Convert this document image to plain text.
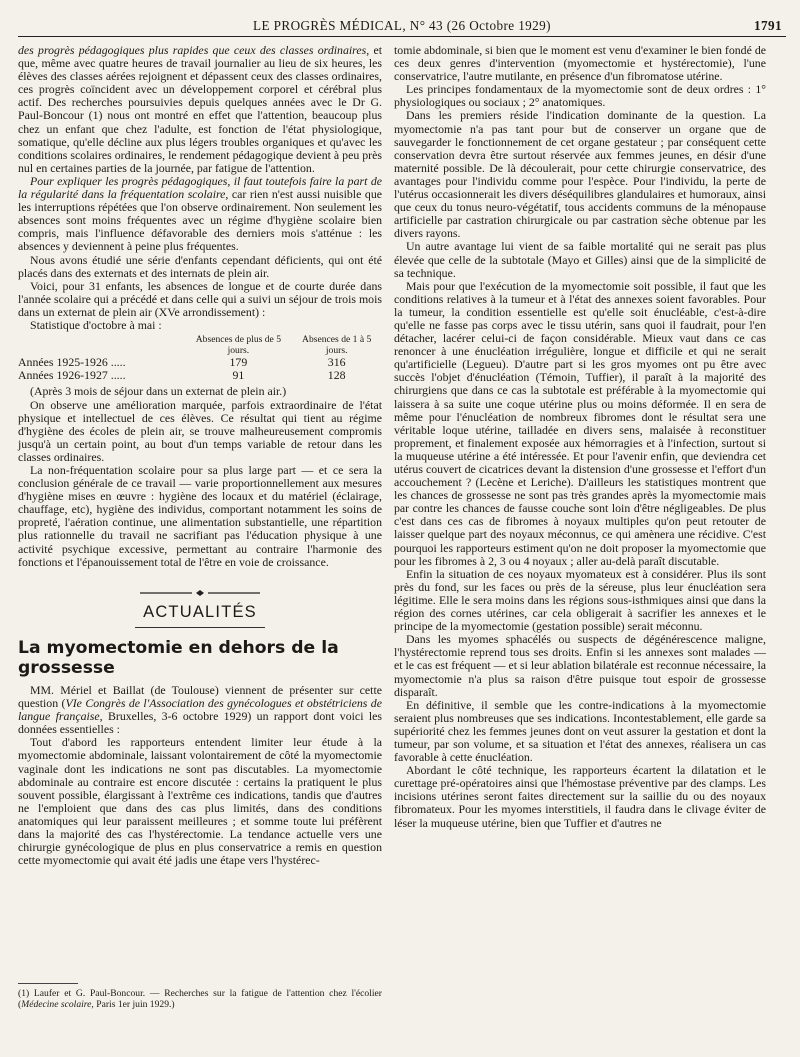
LE PROGRÈS MÉDICAL, N° 43 (26 Octobre 1929)	1791

des progrès pédagogiques plus rapides que ceux des classes ordinaires, et que, même avec quatre heures de travail journalier au lieu de six heures, les élèves des classes aérées rejoignent et dépassent ceux des classes ordinaires, ces progrès coïncident avec un développement corporel et cérébral plus actif. Des recherches poursuivies depuis quelques années avec le Dr G. Paul-Boncour (1) nous ont montré en effet que l'attention, beaucoup plus chez un enfant que chez l'adulte, est fonction de l'état physiologique, somatique, qu'elle décline aux plus légers troubles organiques et qu'avec les conditions scolaires ordinaires, le rendement pédagogique devient à peu près nul en certaines parties de la journée, par fatigue de l'attention.

Pour expliquer les progrès pédagogiques, il faut toutefois faire la part de la régularité dans la fréquentation scolaire, car rien n'est aussi nuisible que les interruptions répétées que l'on observe ordinairement. Non seulement les absences sont moins fréquentes avec un régime d'hygiène scolaire bien compris, mais l'influence défavorable des derniers mois s'atténue : les absences y deviennent à peine plus fréquentes.

Nous avons étudié une série d'enfants cependant déficients, qui ont été placés dans des externats et des internats de plein air.

Voici, pour 31 enfants, les absences de longue et de courte durée dans l'année scolaire qui a précédé et dans celle qui a suivi un séjour de trois mois dans un externat de plein air (XVe arrondissement) :

Statistique d'octobre à mai :

	Absences de plus de 5 jours.	Absences de 1 à 5 jours.
Années 1925-1926 .....	179	316
Années 1926-1927 .....	91	128

(Après 3 mois de séjour dans un externat de plein air.)

On observe une amélioration marquée, parfois extraordinaire de l'état physique et intellectuel de ces élèves. Ce résultat qui tient au régime d'hygiène des écoles de plein air, se trouve malheureusement compromis jusqu'à un certain point, au bout d'un temps variable de retour dans les classes ordinaires.

La non-fréquentation scolaire pour sa plus large part — et ce sera la conclusion générale de ce travail — varie proportionnellement aux mesures d'hygiène mises en œuvre : hygiène des locaux et du matériel (éclairage, chauffage, etc), hygiène des individus, comportant notamment les soins de propreté, l'aération continue, une alimentation substantielle, une répartition plus rationnelle du travail ne sacrifiant pas l'éducation physique à une activité psychique excessive, permettant au contraire l'harmonie des fonctions et l'épanouissement total de l'être en voie de croissance.

ACTUALITÉS
La myomectomie en dehors de la grossesse

MM. Mériel et Baillat (de Toulouse) viennent de présenter sur cette question (VIe Congrès de l'Association des gynécologues et obstétriciens de langue française, Bruxelles, 3-6 octobre 1929) un rapport dont voici les données essentielles :

Tout d'abord les rapporteurs entendent limiter leur étude à la myomectomie abdominale, laissant volontairement de côté la myomectomie vaginale dont les indications ne sont pas discutables. La myomectomie abdominale au contraire est encore discutée : certains la pratiquent le plus souvent possible, élargissant à l'extrême ces indications, tandis que d'autres ne l'emploient que dans des cas plus limités, dans des conditions anatomiques qui leur paraissent meilleures ; et somme toute lui préfèrent dans la majorité des cas l'hystérectomie. La tendance actuelle vers une chirurgie gynécologique de plus en plus conservatrice a remis en question cette myomectomie qui avait été jadis une étape vers l'hystérec-

(1) Laufer et G. Paul-Boncour. — Recherches sur la fatigue de l'attention chez l'écolier (Médecine scolaire, Paris 1er juin 1929.)

tomie abdominale, si bien que le moment est venu d'examiner le bien fondé de ces deux genres d'intervention (myomectomie et hystérectomie), l'une conservatrice, l'autre mutilante, en présence d'un fibromatose utérine.

Les principes fondamentaux de la myomectomie sont de deux ordres : 1° physiologiques ou sociaux ; 2° anatomiques.

Dans les premiers réside l'indication dominante de la question. La myomectomie n'a pas tant pour but de conserver un organe que de sauvegarder le fonctionnement de cet organe gestateur ; par conséquent cette conservation devra être surtout réservée aux femmes jeunes, en désir d'une maternité possible. De là découlerait, pour cette chirurgie conservatrice, des avantages pour l'individu comme pour l'espèce. Pour l'individu, la perte de l'utérus occasionnerait les divers déséquilibres glandulaires et humoraux, ainsi que ceux du tonus neuro-végétatif, tous accidents communs de la ménopause artificielle par castration chirurgicale ou par castration sèche obtenue par les divers rayons.

Un autre avantage lui vient de sa faible mortalité qui ne serait pas plus élevée que celle de la subtotale (Mayo et Gilles) ainsi que de la simplicité de sa technique.

Mais pour que l'exécution de la myomectomie soit possible, il faut que les conditions relatives à la tumeur et à l'état des annexes soient favorables. Pour la tumeur, la condition essentielle est qu'elle soit énucléable, c'est-à-dire qu'elle ne fasse pas corps avec le tissu utérin, sans quoi il faudrait, pour l'en détacher, lacérer celui-ci de façon considérable. Mieux vaut dans ce cas renoncer à une énucléation irrégulière, longue et difficile et qui ne serait qu'artificielle (Legueu). D'autre part si les gros myomes ont pu être avec succès l'objet d'énucléation (Témoin, Tuffier), il paraît à la majorité des chirurgiens que dans ce cas la subtotale est préférable à la myomectomie qui laissera à sa suite une coque utérine plus ou moins déformée. Il en sera de même pour l'énucléation de nombreux fibromes dont le résultat sera une véritable loque utérine, tailladée en divers sens, malaisée à reconstituer proprement, et finalement exposée aux hémorragies et à l'infection, surtout si la muqueuse utérine a été intéressée. Et pour l'avenir enfin, que deviendra cet utérus couvert de cicatrices devant la distension d'une grossesse et l'effort d'un accouchement ? (Lecène et Leriche). D'ailleurs les statistiques montrent que les chances de grossesse ne sont pas très grandes après la myomectomie mais par contre les chances de fausse couche sont loin d'être négligeables. De plus c'est dans ces cas de fibromes à noyaux multiples qu'on peut retouter de laisser quelque part des noyaux méconnus, ce qui amènera une récidive. C'est pourquoi les rapporteurs estiment qu'on ne doit proposer la myomectomie que pour les fibromes à 2, 3 ou 4 noyaux ; aller au-delà paraît discutable.

Enfin la situation de ces noyaux myomateux est à considérer. Plus ils sont près du fond, sur les faces ou près de la séreuse, plus leur énucléation sera légitime. Elle le sera moins dans les régions sous-isthmiques ainsi que dans la région des cornes utérines, car cela obligerait à sacrifier les annexes et le principe de la myomectomie (gestation possible) serait méconnu.

Dans les myomes sphacélés ou suspects de dégénérescence maligne, l'hystérectomie reprend tous ses droits. Enfin si les annexes sont malades — et le cas est fréquent — et si leur ablation bilatérale est reconnue nécessaire, la myomectomie n'a plus sa raison d'être puisque tout espoir de grossesse disparaît.

En définitive, il semble que les contre-indications à la myomectomie seraient plus nombreuses que ses indications. Incontestablement, elle garde sa supériorité chez les femmes jeunes dont on veut assurer la gestation et dont la tumeur, par son volume, et sa situation et l'état des annexes, réalisera un cas favorable à cette énucléation.

Abordant le côté technique, les rapporteurs écartent la dilatation et le curettage pré-opératoires ainsi que l'hémostase préventive par des clamps. Les incisions utérines seront faites directement sur la saillie du ou des noyaux fibromateux. Pour les myomes interstitiels, il faudra dans le clivage éviter de léser la muqueuse utérine, bien que Tuffier et d'autres ne
